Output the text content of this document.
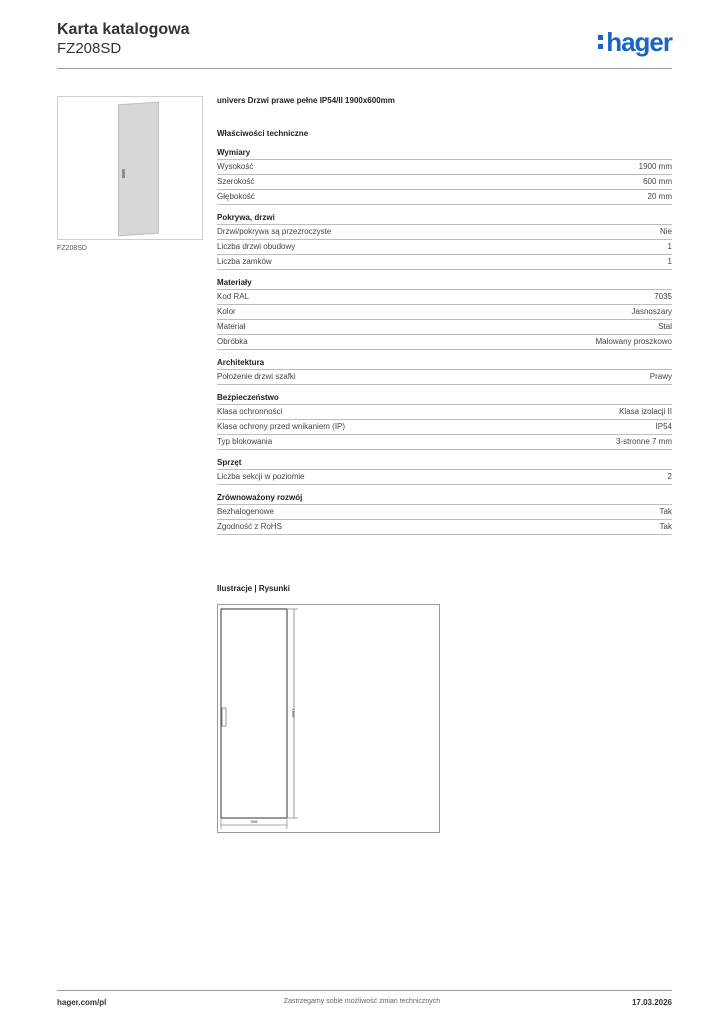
Karta katalogowa
FZ208SD	hager
FZ208SD
univers Drzwi prawe pełne IP54/II 1900x600mm
Właściwości techniczne
Wymiary
Wysokość	1900 mm
Szerokość	600 mm
Głębokość	20 mm
Pokrywa, drzwi
Drzwi/pokrywa są przezroczyste	Nie
Liczba drzwi obudowy	1
Liczba zamków	1
Materiały
Kod RAL	7035
Kolor	Jasnoszary
Materiał	Stal
Obróbka	Malowany proszkowo
Architektura
Położenie drzwi szafki	Prawy
Bezpieczeństwo
Klasa ochronności	Klasa izolacji II
Klasa ochrony przed wnikaniem (IP)	IP54
Typ blokowania	3-stronne 7 mm
Sprzęt
Liczba sekcji w poziomie	2
Zrównoważony rozwój
Bezhalogenowe	Tak
Zgodność z RoHS	Tak
Ilustracje | Rysunki
598
1898
hager.com/pl	Zastrzegamy sobie możliwość zmian technicznych	17.03.2026
